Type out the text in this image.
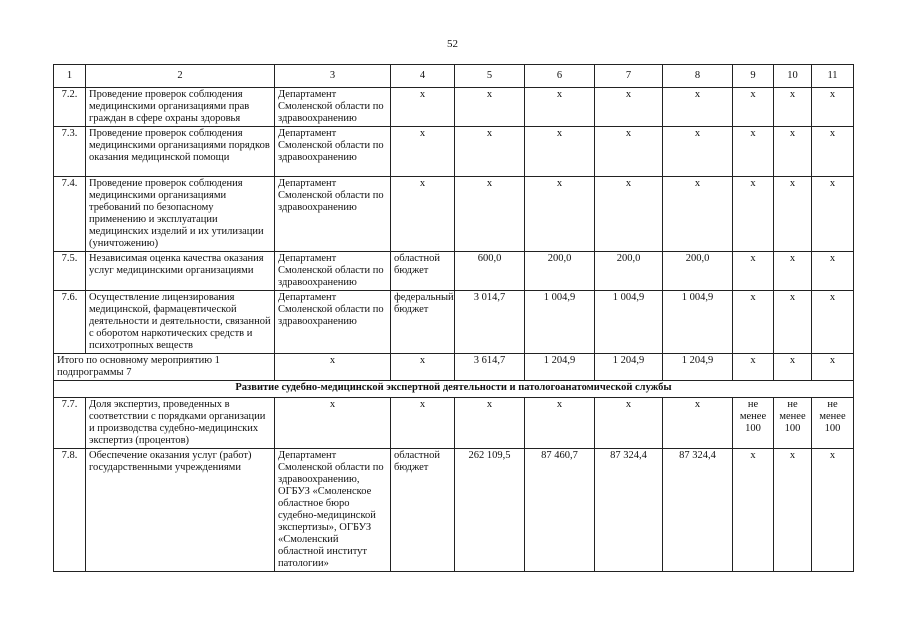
52
1	2	3	4	5	6	7	8	9	10	11
7.2.	Проведение проверок соблюдения медицинскими организациями прав граждан в сфере охраны здоровья	Департамент Смоленской области по здравоохранению	х	х	х	х	х	х	х	х
7.3.	Проведение проверок соблюдения медицинскими организациями порядков оказания медицинской помощи	Департамент Смоленской области по здравоохранению	х	х	х	х	х	х	х	х
7.4.	Проведение проверок соблюдения медицинскими организациями требований по безопасному применению и эксплуатации медицинских изделий и их утилизации (уничтожению)	Департамент Смоленской области по здравоохранению	х	х	х	х	х	х	х	х
7.5.	Независимая оценка качества оказания услуг медицинскими организациями	Департамент Смоленской области по здравоохранению	областной бюджет	600,0	200,0	200,0	200,0	х	х	х
7.6.	Осуществление лицензирования медицинской, фармацевтической деятельности и деятельности, связанной с оборотом наркотических средств и психотропных веществ	Департамент Смоленской области по здравоохранению	федеральный бюджет	3 014,7	1 004,9	1 004,9	1 004,9	х	х	х
Итого по основному мероприятию 1 подпрограммы 7		х	х	3 614,7	1 204,9	1 204,9	1 204,9	х	х	х
Развитие судебно-медицинской экспертной деятельности и патологоанатомической службы										
7.7.	Доля экспертиз, проведенных в соответствии с порядками организации и производства судебно-медицинских экспертиз (процентов)	х	х	х	х	х	х	не менее 100	не менее 100	не менее 100
7.8.	Обеспечение оказания услуг (работ) государственными учреждениями	Департамент Смоленской области по здравоохранению, ОГБУЗ «Смоленское областное бюро судебно-медицинской экспертизы», ОГБУЗ «Смоленский областной институт патологии»	областной бюджет	262 109,5	87 460,7	87 324,4	87 324,4	х	х	х
